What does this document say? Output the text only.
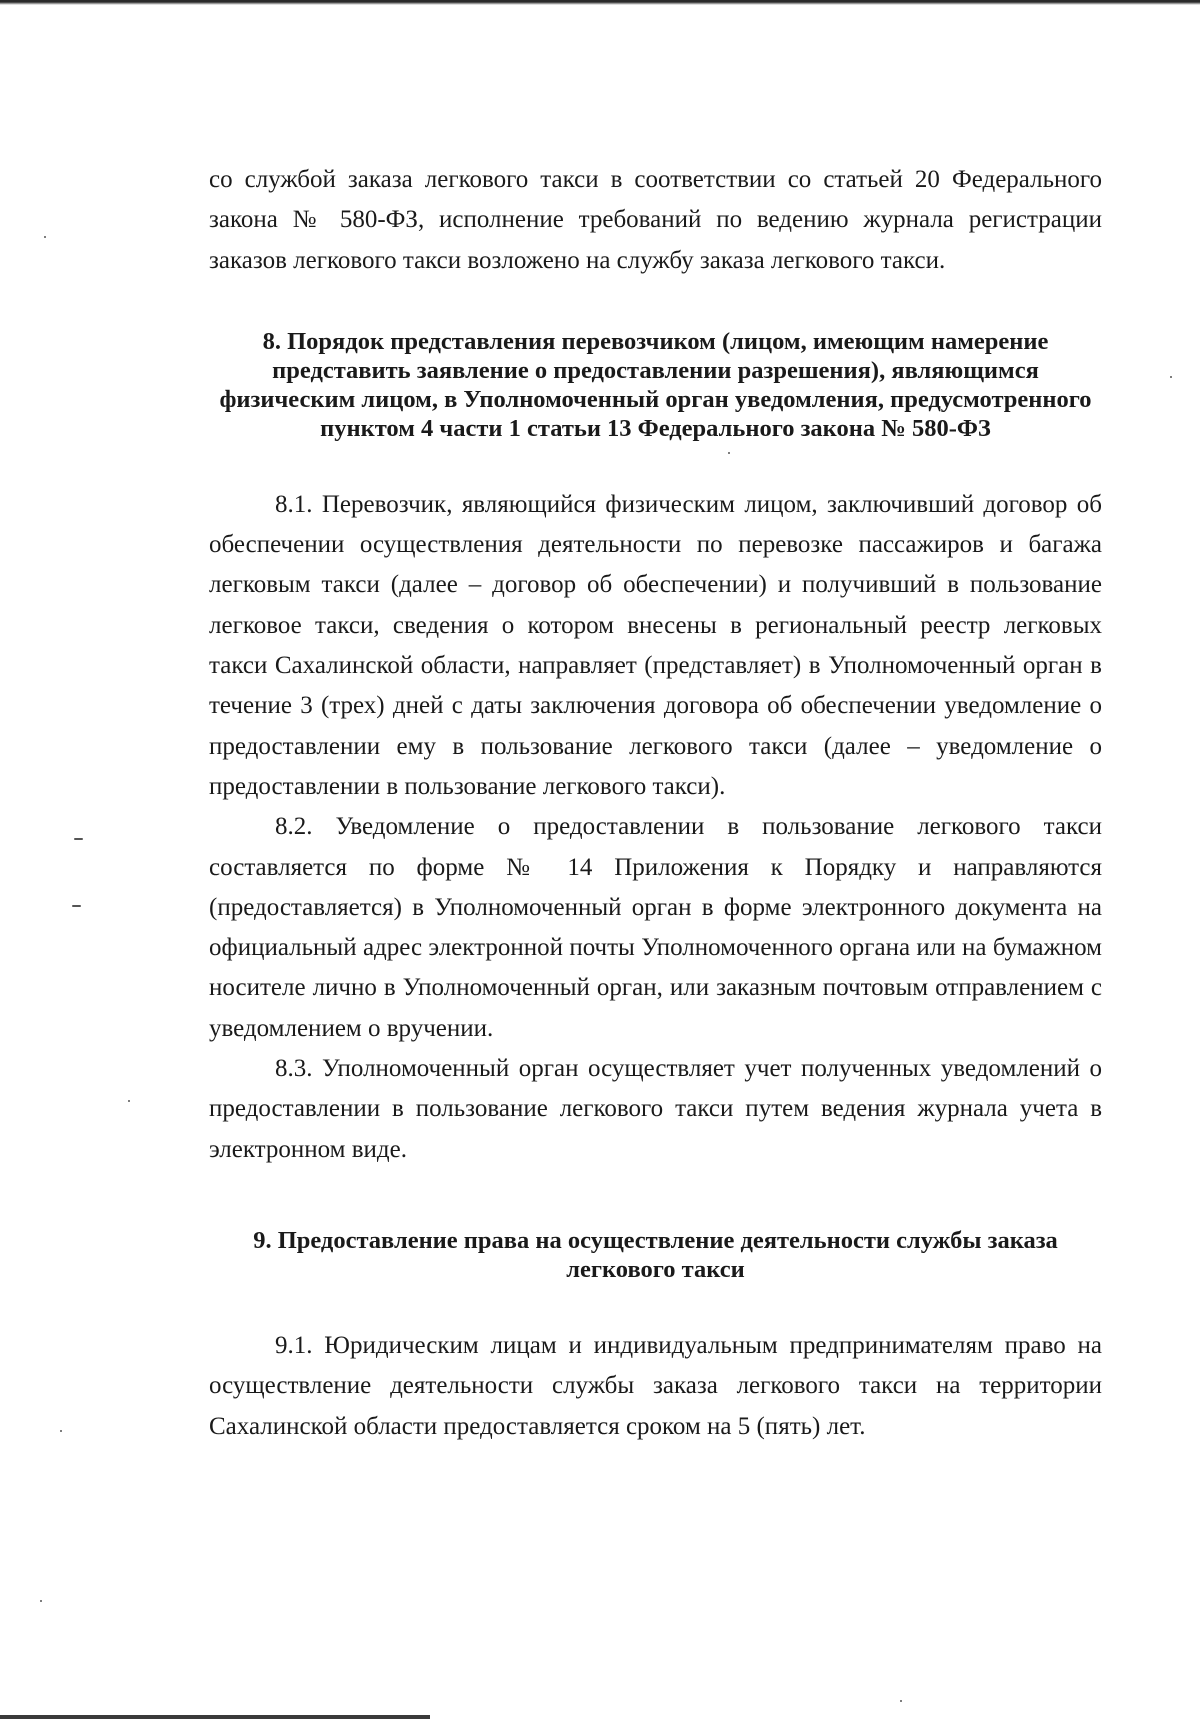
со службой заказа легкового такси в соответствии со статьей 20 Федерального закона № 580-ФЗ, исполнение требований по ведению журнала регистрации заказов легкового такси возложено на службу заказа легкового такси.

8. Порядок представления перевозчиком (лицом, имеющим намерение представить заявление о предоставлении разрешения), являющимся физическим лицом, в Уполномоченный орган уведомления, предусмотренного пунктом 4 части 1 статьи 13 Федерального закона № 580-ФЗ

8.1. Перевозчик, являющийся физическим лицом, заключивший договор об обеспечении осуществления деятельности по перевозке пассажиров и багажа легковым такси (далее – договор об обеспечении) и получивший в пользование легковое такси, сведения о котором внесены в региональный реестр легковых такси Сахалинской области, направляет (представляет) в Уполномоченный орган в течение 3 (трех) дней с даты заключения договора об обеспечении уведомление о предоставлении ему в пользование легкового такси (далее – уведомление о предоставлении в пользование легкового такси).

8.2. Уведомление о предоставлении в пользование легкового такси составляется по форме № 14 Приложения к Порядку и направляются (предоставляется) в Уполномоченный орган в форме электронного документа на официальный адрес электронной почты Уполномоченного органа или на бумажном носителе лично в Уполномоченный орган, или заказным почтовым отправлением с уведомлением о вручении.

8.3. Уполномоченный орган осуществляет учет полученных уведомлений о предоставлении в пользование легкового такси путем ведения журнала учета в электронном виде.

9. Предоставление права на осуществление деятельности службы заказа легкового такси

9.1. Юридическим лицам и индивидуальным предпринимателям право на осуществление деятельности службы заказа легкового такси на территории Сахалинской области предоставляется сроком на 5 (пять) лет.
